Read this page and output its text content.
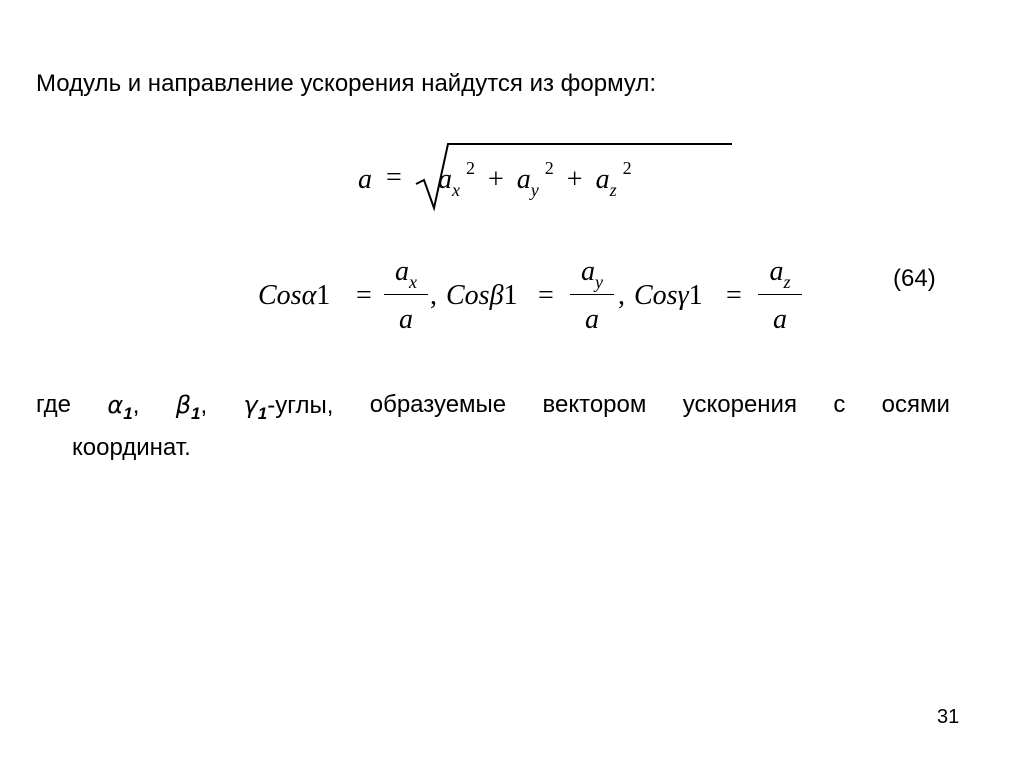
Модуль и направление ускорения найдутся из формул:
$a = a_x^2 + a_y^2 + a_z^2$
Cosα1 =
$a_x$
a
, Cosβ1 =
$a_y$
a
, Cosγ1 =
$a_z$
a
(64)
где $\alpha_1$, $\beta_1$, $\gamma_1$-углы, образуемые вектором ускорения с осями
координат.
31
